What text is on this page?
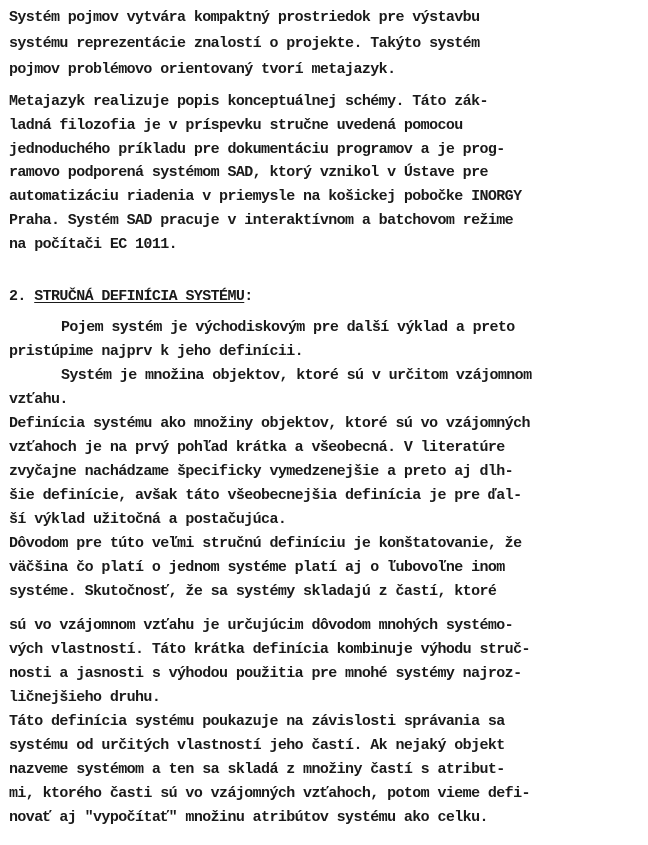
Systém pojmov vytvára kompaktný prostriedok pre výstavbu

systému reprezentácie znalostí o projekte. Takýto systém

pojmov problémovo orientovaný tvorí metajazyk.

Metajazyk realizuje popis konceptuálnej schémy. Táto zák-

ladná filozofia je v príspevku stručne uvedená pomocou

jednoduchého príkladu pre dokumentáciu programov a je prog-

ramovo podporená systémom SAD, ktorý vznikol v Ústave pre

automatizáciu riadenia v priemysle na košickej pobočke INORGY

Praha. Systém SAD pracuje v interaktívnom a batchovom režime

na počítači EC 1011.

2. STRUČNÁ DEFINÍCIA SYSTÉMU:

Pojem systém je východiskovým pre další výklad a preto

pristúpime najprv k jeho definícii.

Systém je množina objektov, ktoré sú v určitom vzájomnom

vzťahu.

Definícia systému ako množiny objektov, ktoré sú vo vzájomných

vzťahoch je na prvý pohľad krátka a všeobecná. V literatúre

zvyčajne nachádzame špecificky vymedzenejšie a preto aj dlh-

šie definície, avšak táto všeobecnejšia definícia je pre ďal-

ší výklad užitočná a postačujúca.

Dôvodom pre túto veľmi stručnú definíciu je konštatovanie, že

väčšina čo platí o jednom systéme platí aj o ľubovoľne inom

systéme. Skutočnosť, že sa systémy skladajú z častí, ktoré

sú vo vzájomnom vzťahu je určujúcim dôvodom mnohých systémo-

vých vlastností. Táto krátka definícia kombinuje výhodu struč-

nosti a jasnosti s výhodou použitia pre mnohé systémy najroz-

ličnejšieho druhu.

Táto definícia systému poukazuje na závislosti správania sa

systému od určitých vlastností jeho častí. Ak nejaký objekt

nazveme systémom a ten sa skladá z množiny častí s atribut-

mi, ktorého časti sú vo vzájomných vzťahoch, potom vieme defi-

novať aj "vypočítať" množinu atribútov systému ako celku.
